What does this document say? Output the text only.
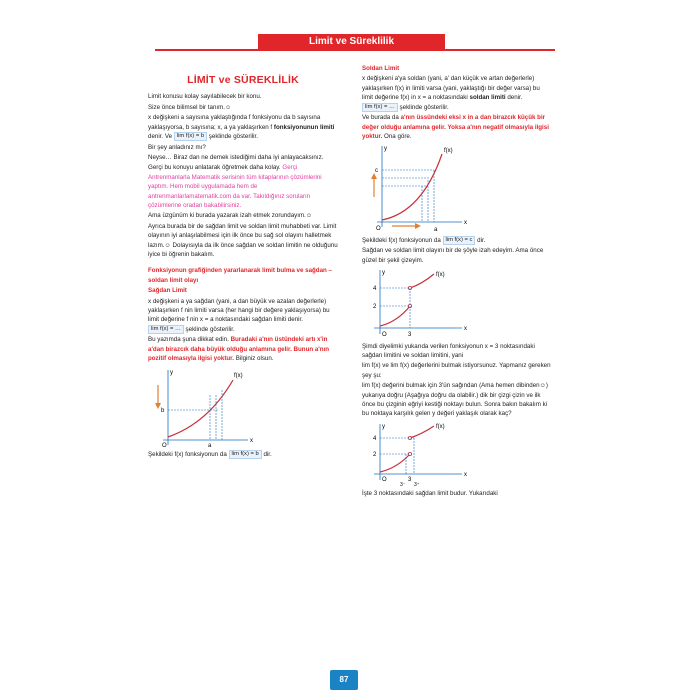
Limit ve Süreklilik
LİMİT ve SÜREKLİLİK

Limit konusu kolay sayılabilecek bir konu.

Size önce bilimsel bir tanım.☺

x değişkeni a sayısına yaklaştığında f fonksiyonu da b sayısına yaklaşıyorsa, b sayısına; x, a ya yaklaşırken f fonksiyonunun limiti denir. Ve lim f(x) = b şeklinde gösterilir.

Bir şey anladınız mı?

Neyse… Biraz dan ne demek istediğimi daha iyi anlayacaksınız.

Gerçi bu konuyu anlatarak öğretmek daha kolay. Gerçi Antrenmanlarla Matematik serisinin tüm kitaplarının çözümlerini yaptım. Hem mobil uygulamada hem de antrenmanlarlamatematik.com da var. Takıldığınız soruların çözümlerine oradan bakabilirsiniz.

Ama üzgünüm ki burada yazarak izah etmek zorundayım.☺

Ayrıca burada bir de sağdan limit ve soldan limit muhabbeti var. Limit olayının iyi anlaşılabilmesi için ilk önce bu sağ sol olayını halletmek lazım.☺ Dolayısıyla da ilk önce sağdan ve soldan limitin ne olduğunu iyice bi öğrenin bakalım.

Fonksiyonun grafiğinden yararlanarak limit bulma ve sağdan – soldan limit olayı

Sağdan Limit

x değişkeni a ya sağdan (yani, a dan büyük ve azalan değerlerle) yaklaşırken f nin limiti varsa (her hangi bir değere yaklaşıyorsa) bu limit değerine f nin x = a noktasındaki sağdan limiti denir. lim f(x) = … şeklinde gösterilir.

Bu yazımda şuna dikkat edin. Buradaki a'nın üstündeki artı x'in a'dan birazcık daha büyük olduğu anlamına gelir. Bunun a'nın pozitif olmasıyla ilgisi yoktur. Bilginiz olsun.

y
x
f(x)
b
a
O

Şekildeki f(x) fonksiyonun da lim f(x) = b dir.

Soldan Limit

x değişkeni a'ya soldan (yani, a' dan küçük ve artan değerlerle) yaklaşırken f(x) in limiti varsa (yani, yaklaştığı bir değer varsa) bu limit değerine f(x) in x = a noktasındaki soldan limiti denir. lim f(x) = … şeklinde gösterilir.

Ve burada da a'nın üssündeki eksi x in a dan birazcık küçük bir değer olduğu anlamına gelir. Yoksa a'nın negatif olmasıyla ilgisi yoktur. Ona göre.

y
x
f(x)
c
a
O

Şekildeki f(x) fonksiyonun da lim f(x) = c dir.

Sağdan ve soldan limit olayını bir de şöyle izah edeyim. Ama önce güzel bir şekil çizeyim.

y
x
f(x)
4
2
3
O

Şimdi diyelimki yukarıda verilen fonksiyonun x = 3 noktasındaki sağdan limitini ve soldan limitini, yani

lim f(x) ve lim f(x) değerlerini bulmak istiyorsunuz. Yapmanız gereken şey şu:

lim f(x) değerini bulmak için 3'ün sağından (Ama hemen dibinden☺) yukarıya doğru (Aşağıya doğru da olabilir.) dik bir çizgi çizin ve ilk önce bu çizginin eğriyi kestiği noktayı bulun. Sonra bakın bakalım ki bu noktaya karşılık gelen y değeri yaklaşık olarak kaç?

y
x
f(x)
4
2
3
3⁻ 3⁺
O

İşte 3 noktasındaki sağdan limit budur. Yukarıdaki

87
